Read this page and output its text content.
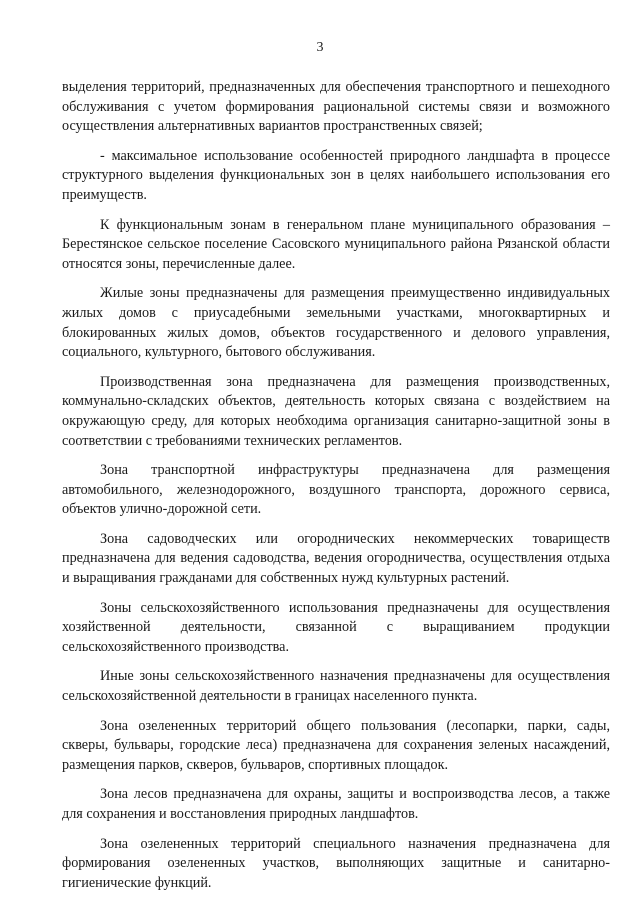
3

выделения территорий, предназначенных для обеспечения транспортного и пешеходного обслуживания с учетом формирования рациональной системы связи и возможного осуществления альтернативных вариантов пространственных связей;

- максимальное использование особенностей природного ландшафта в процессе структурного выделения функциональных зон в целях наибольшего использования его преимуществ.

К функциональным зонам в генеральном плане муниципального образования – Берестянское сельское поселение Сасовского муниципального района Рязанской области относятся зоны, перечисленные далее.

Жилые зоны предназначены для размещения преимущественно индивидуальных жилых домов с приусадебными земельными участками, многоквартирных и блокированных жилых домов, объектов государственного и делового управления, социального, культурного, бытового обслуживания.

Производственная зона предназначена для размещения производственных, коммунально-складских объектов, деятельность которых связана с воздействием на окружающую среду, для которых необходима организация санитарно-защитной зоны в соответствии с требованиями технических регламентов.

Зона транспортной инфраструктуры предназначена для размещения автомобильного, железнодорожного, воздушного транспорта, дорожного сервиса, объектов улично-дорожной сети.

Зона садоводческих или огороднических некоммерческих товариществ предназначена для ведения садоводства, ведения огородничества, осуществления отдыха и выращивания гражданами для собственных нужд культурных растений.

Зоны сельскохозяйственного использования предназначены для осуществления хозяйственной деятельности, связанной с выращиванием продукции сельскохозяйственного производства.

Иные зоны сельскохозяйственного назначения предназначены для осуществления сельскохозяйственной деятельности в границах населенного пункта.

Зона озелененных территорий общего пользования (лесопарки, парки, сады, скверы, бульвары, городские леса) предназначена для сохранения зеленых насаждений, размещения парков, скверов, бульваров, спортивных площадок.

Зона лесов предназначена для охраны, защиты и воспроизводства лесов, а также для сохранения и восстановления природных ландшафтов.

Зона озелененных территорий специального назначения предназначена для формирования озелененных участков, выполняющих защитные и санитарно-гигиенические функций.
